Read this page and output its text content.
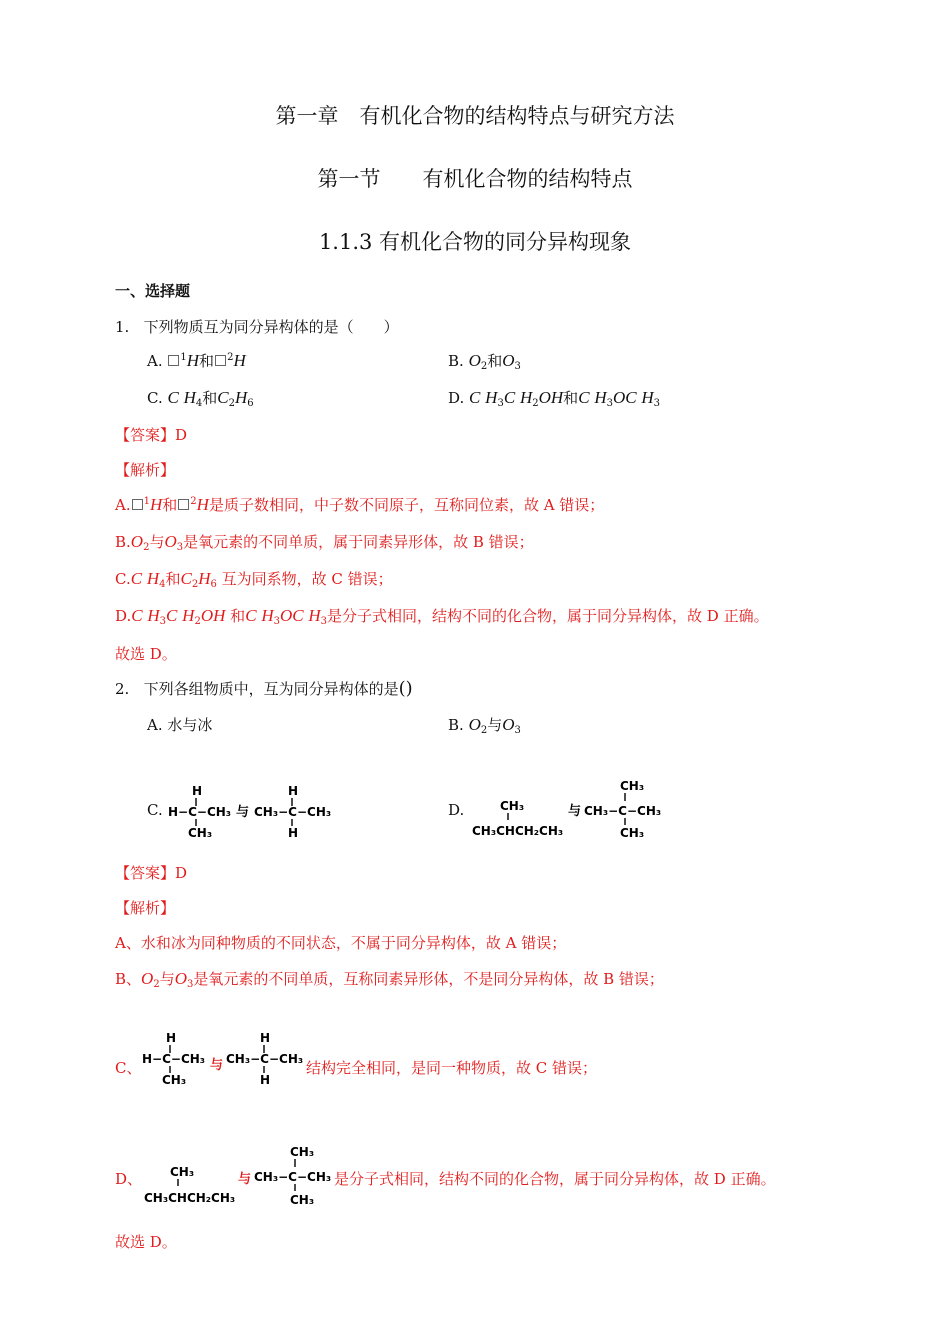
第一章　有机化合物的结构特点与研究方法
第一节　　有机化合物的结构特点
1.1.3 有机化合物的同分异构现象
一、选择题
1. 下列物质互为同分异构体的是（　　）
A. $^1$H和 $^2$H	B. $O_2$和$O_3$
C. C $H_4$和$C_2H_6$	D. C $H_3C$ $H_2OH$和C $H_3OC$ $H_3$
【答案】D
【解析】
A. $^1$H和 $^2$H是质子数相同，中子数不同原子，互称同位素，故 A 错误；
$B.O_2$与$O_3$是氧元素的不同单质，属于同素异形体，故 B 错误；
C.C $H_4$和$C_2H_6$ 互为同系物，故 C 错误；
D.C $H_3C$ $H_2OH$ 和C $H_3OC$ $H_3$是分子式相同，结构不同的化合物，属于同分异构体，故 D 正确。
故选 D。
2. 下列各组物质中，互为同分异构体的是()
A. 水与冰	B. $O_2$与$O_3$
C.
H
H−C−CH₃
CH₃
与
H
CH₃−C−CH₃
H
D.	CH₃
CH₃CHCH₂CH₃
与
CH₃
CH₃−C−CH₃
CH₃
【答案】D
【解析】
A、水和冰为同种物质的不同状态，不属于同分异构体，故 A 错误；
B、$O_2$与$O_3$是氧元素的不同单质，互称同素异形体，不是同分异构体，故 B 错误；
C、
H
H−C−CH₃
CH₃
与
H
CH₃−C−CH₃
H
结构完全相同，是同一种物质，故 C 错误；
D、 CH₃
CH₃CHCH₂CH₃
与
CH₃
CH₃−C−CH₃
CH₃
是分子式相同，结构不同的化合物，属于同分异构体，故 D 正确。
故选 D。
